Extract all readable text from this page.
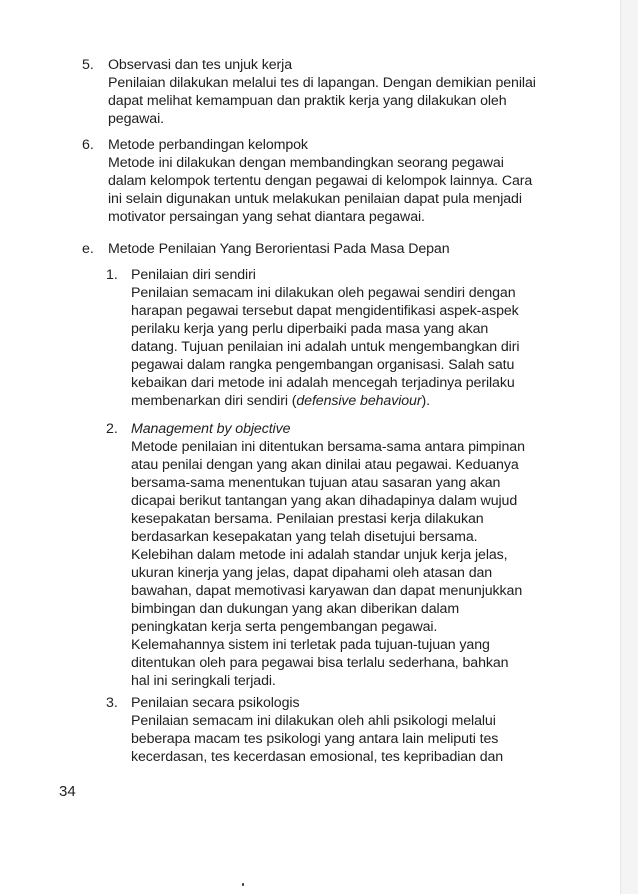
5. Observasi dan tes unjuk kerja
Penilaian dilakukan melalui tes di lapangan. Dengan demikian penilai
dapat melihat kemampuan dan praktik kerja yang dilakukan oleh
pegawai.
6. Metode perbandingan kelompok
Metode ini dilakukan dengan membandingkan seorang pegawai
dalam kelompok tertentu dengan pegawai di kelompok lainnya. Cara
ini selain digunakan untuk melakukan penilaian dapat pula menjadi
motivator persaingan yang sehat diantara pegawai.
e. Metode Penilaian Yang Berorientasi Pada Masa Depan
1. Penilaian diri sendiri
Penilaian semacam ini dilakukan oleh pegawai sendiri dengan
harapan pegawai tersebut dapat mengidentifikasi aspek-aspek
perilaku kerja yang perlu diperbaiki pada masa yang akan
datang. Tujuan penilaian ini adalah untuk mengembangkan diri
pegawai dalam rangka pengembangan organisasi. Salah satu
kebaikan dari metode ini adalah mencegah terjadinya perilaku
membenarkan diri sendiri (defensive behaviour).
2. Management by objective
Metode penilaian ini ditentukan bersama-sama antara pimpinan
atau penilai dengan yang akan dinilai atau pegawai. Keduanya
bersama-sama menentukan tujuan atau sasaran yang akan
dicapai berikut tantangan yang akan dihadapinya dalam wujud
kesepakatan bersama. Penilaian prestasi kerja dilakukan
berdasarkan kesepakatan yang telah disetujui bersama.
Kelebihan dalam metode ini adalah standar unjuk kerja jelas,
ukuran kinerja yang jelas, dapat dipahami oleh atasan dan
bawahan, dapat memotivasi karyawan dan dapat menunjukkan
bimbingan dan dukungan yang akan diberikan dalam
peningkatan kerja serta pengembangan pegawai.
Kelemahannya sistem ini terletak pada tujuan-tujuan yang
ditentukan oleh para pegawai bisa terlalu sederhana, bahkan
hal ini seringkali terjadi.
3. Penilaian secara psikologis
Penilaian semacam ini dilakukan oleh ahli psikologi melalui
beberapa macam tes psikologi yang antara lain meliputi tes
kecerdasan, tes kecerdasan emosional, tes kepribadian dan
34
